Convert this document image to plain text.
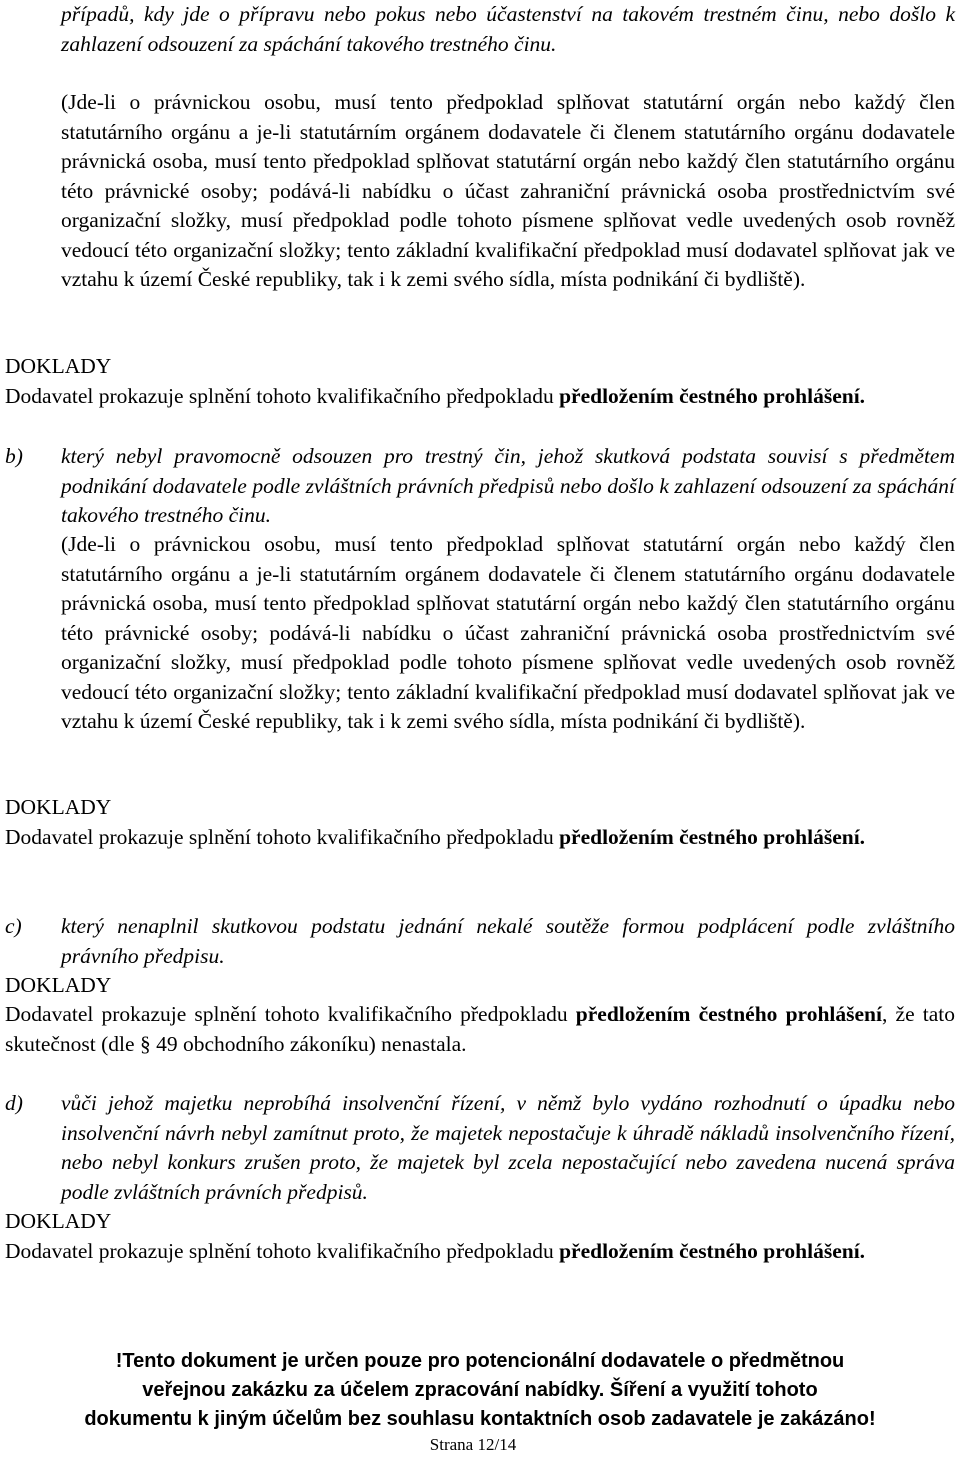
případů, kdy jde o přípravu nebo pokus nebo účastenství na takovém trestném činu, nebo došlo k zahlazení odsouzení za spáchání takového trestného činu.
(Jde-li o právnickou osobu, musí tento předpoklad splňovat statutární orgán nebo každý člen statutárního orgánu a je-li statutárním orgánem dodavatele či členem statutárního orgánu dodavatele právnická osoba, musí tento předpoklad splňovat statutární orgán nebo každý člen statutárního orgánu této právnické osoby; podává-li nabídku o účast zahraniční právnická osoba prostřednictvím své organizační složky, musí předpoklad podle tohoto písmene splňovat vedle uvedených osob rovněž vedoucí této organizační složky; tento základní kvalifikační předpoklad musí dodavatel splňovat jak ve vztahu k území České republiky, tak i k zemi svého sídla, místa podnikání či bydliště).
DOKLADY
Dodavatel prokazuje splnění tohoto kvalifikačního předpokladu předložením čestného prohlášení.
b) který nebyl pravomocně odsouzen pro trestný čin, jehož skutková podstata souvisí s předmětem podnikání dodavatele podle zvláštních právních předpisů nebo došlo k zahlazení odsouzení za spáchání takového trestného činu.
(Jde-li o právnickou osobu, musí tento předpoklad splňovat statutární orgán nebo každý člen statutárního orgánu a je-li statutárním orgánem dodavatele či členem statutárního orgánu dodavatele právnická osoba, musí tento předpoklad splňovat statutární orgán nebo každý člen statutárního orgánu této právnické osoby; podává-li nabídku o účast zahraniční právnická osoba prostřednictvím své organizační složky, musí předpoklad podle tohoto písmene splňovat vedle uvedených osob rovněž vedoucí této organizační složky; tento základní kvalifikační předpoklad musí dodavatel splňovat jak ve vztahu k území České republiky, tak i k zemi svého sídla, místa podnikání či bydliště).
DOKLADY
Dodavatel prokazuje splnění tohoto kvalifikačního předpokladu předložením čestného prohlášení.
c) který nenaplnil skutkovou podstatu jednání nekalé soutěže formou podplácení podle zvláštního právního předpisu.
DOKLADY
Dodavatel prokazuje splnění tohoto kvalifikačního předpokladu předložením čestného prohlášení, že tato skutečnost (dle § 49 obchodního zákoníku) nenastala.
d) vůči jehož majetku neprobíhá insolvenční řízení, v němž bylo vydáno rozhodnutí o úpadku nebo insolvenční návrh nebyl zamítnut proto, že majetek nepostačuje k úhradě nákladů insolvenčního řízení, nebo nebyl konkurs zrušen proto, že majetek byl zcela nepostačující nebo zavedena nucená správa podle zvláštních právních předpisů.
DOKLADY
Dodavatel prokazuje splnění tohoto kvalifikačního předpokladu předložením čestného prohlášení.
!Tento dokument je určen pouze pro potencionální dodavatele o předmětnou
veřejnou zakázku za účelem zpracování nabídky. Šíření a využití tohoto
dokumentu k jiným účelům bez souhlasu kontaktních osob zadavatele je zakázáno!
Strana 12/14
